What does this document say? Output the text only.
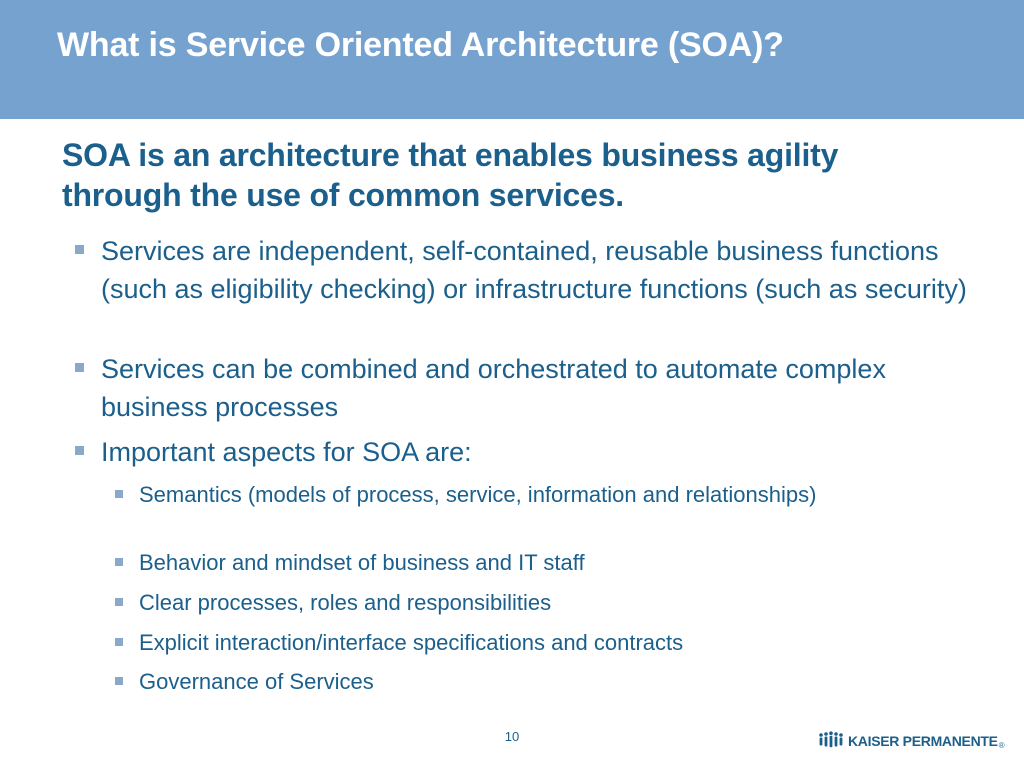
What is Service Oriented Architecture (SOA)?
SOA is an architecture that enables business agility through the use of common services.
Services are independent, self-contained, reusable business functions (such as eligibility checking) or infrastructure functions (such as security)
Services can be combined and orchestrated to automate complex business processes
Important aspects for SOA are:
Semantics (models of process, service, information and relationships)
Behavior and mindset of business and IT staff
Clear processes, roles and responsibilities
Explicit interaction/interface specifications and contracts
Governance of Services
10	KAISER PERMANENTE®
